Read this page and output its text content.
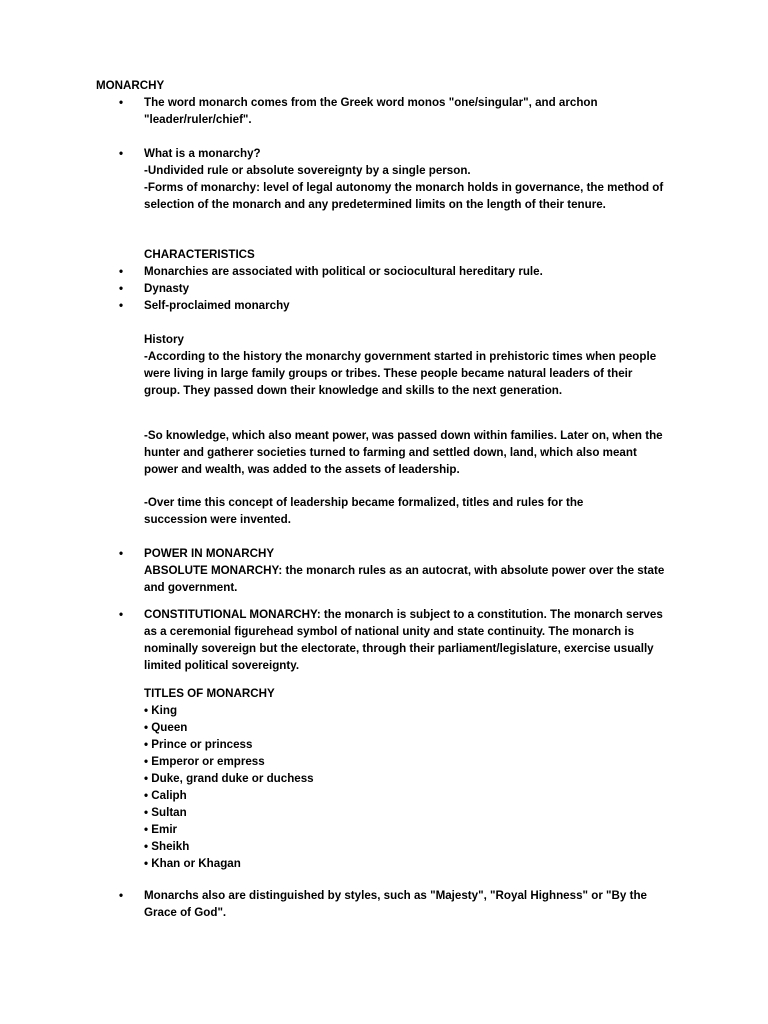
MONARCHY
•	The word monarch comes from the Greek word monos "one/singular", and archon "leader/ruler/chief".
•	What is a monarchy?
-Undivided rule or absolute sovereignty by a single person.
-Forms of monarchy: level of legal autonomy the monarch holds in governance, the method of selection of the monarch and any predetermined limits on the length of their tenure.
CHARACTERISTICS
•	Monarchies are associated with political or sociocultural hereditary rule.
•	Dynasty
•	Self-proclaimed monarchy
History
-According to the history the monarchy government started in prehistoric times when people were living in large family groups or tribes. These people became natural leaders of their group. They passed down their knowledge and skills to the next generation.
-So knowledge, which also meant power, was passed down within families. Later on, when the hunter and gatherer societies turned to farming and settled down, land, which also meant power and wealth, was added to the assets of leadership.
-Over time this concept of leadership became formalized, titles and rules for the succession were invented.
•	POWER IN MONARCHY
ABSOLUTE MONARCHY: the monarch rules as an autocrat, with absolute power over the state and government.
•	CONSTITUTIONAL MONARCHY: the monarch is subject to a constitution. The monarch serves as a ceremonial figurehead symbol of national unity and state continuity. The monarch is nominally sovereign but the electorate, through their parliament/legislature, exercise usually limited political sovereignty.
TITLES OF MONARCHY
• King
• Queen
• Prince or princess
• Emperor or empress
• Duke, grand duke or duchess
• Caliph
• Sultan
• Emir
• Sheikh
• Khan or Khagan
•	Monarchs also are distinguished by styles, such as "Majesty", "Royal Highness" or "By the Grace of God".
